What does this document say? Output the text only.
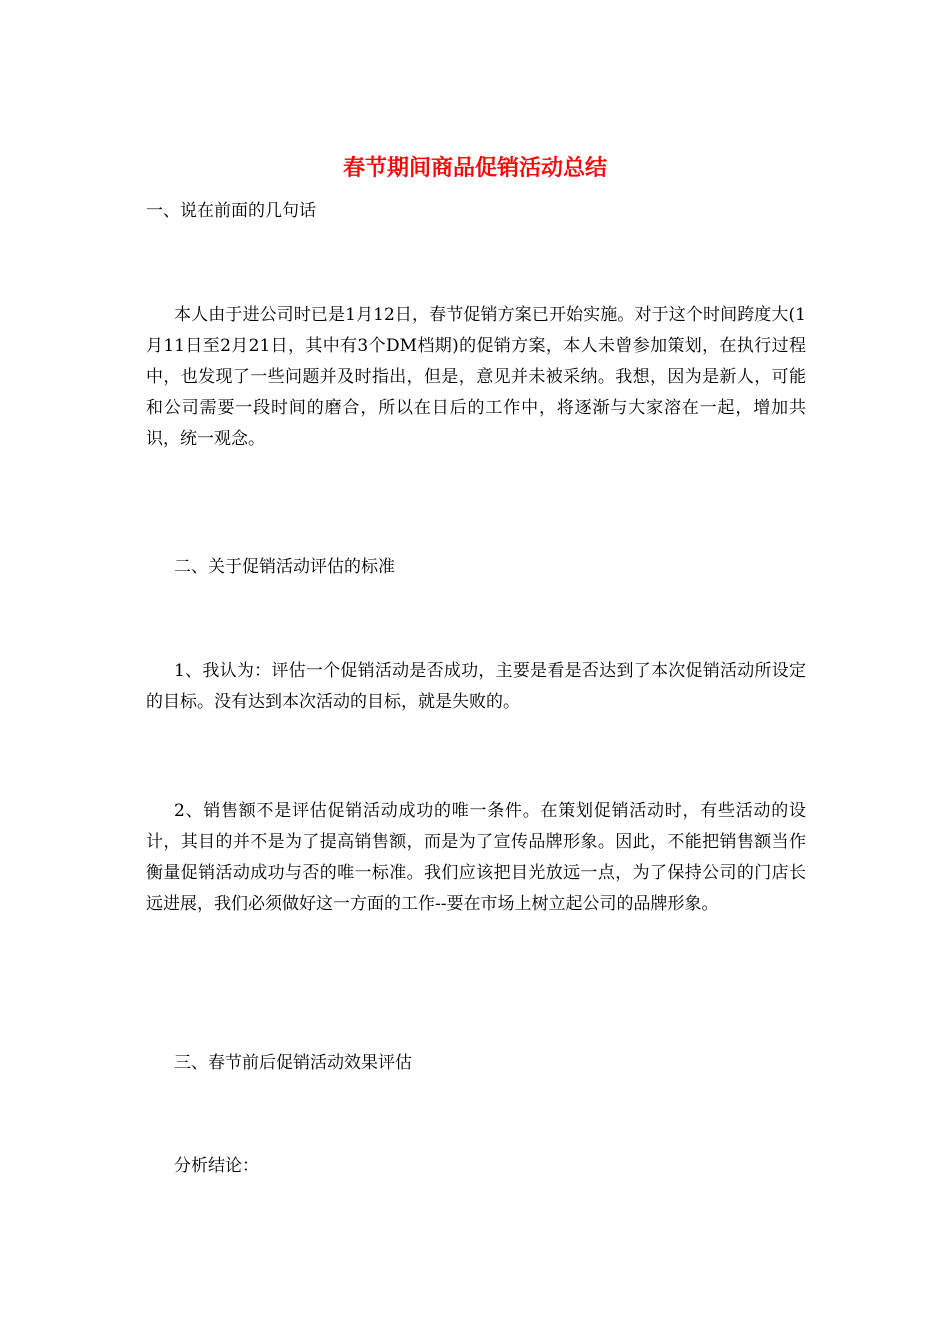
春节期间商品促销活动总结
一、说在前面的几句话
本人由于进公司时已是1月12日，春节促销方案已开始实施。对于这个时间跨度大(1 月11日至2月21日，其中有3个DM档期)的促销方案，本人未曾参加策划，在执行过程中，也发现了一些问题并及时指出，但是，意见并未被采纳。我想，因为是新人，可能和公司需要一段时间的磨合，所以在日后的工作中，将逐渐与大家溶在一起，增加共识，统一观念。
二、关于促销活动评估的标准
1、我认为：评估一个促销活动是否成功，主要是看是否达到了本次促销活动所设定的目标。没有达到本次活动的目标，就是失败的。
2、销售额不是评估促销活动成功的唯一条件。在策划促销活动时，有些活动的设计，其目的并不是为了提高销售额，而是为了宣传品牌形象。因此，不能把销售额当作衡量促销活动成功与否的唯一标准。我们应该把目光放远一点，为了保持公司的门店长远进展，我们必须做好这一方面的工作--要在市场上树立起公司的品牌形象。
三、春节前后促销活动效果评估
分析结论：
